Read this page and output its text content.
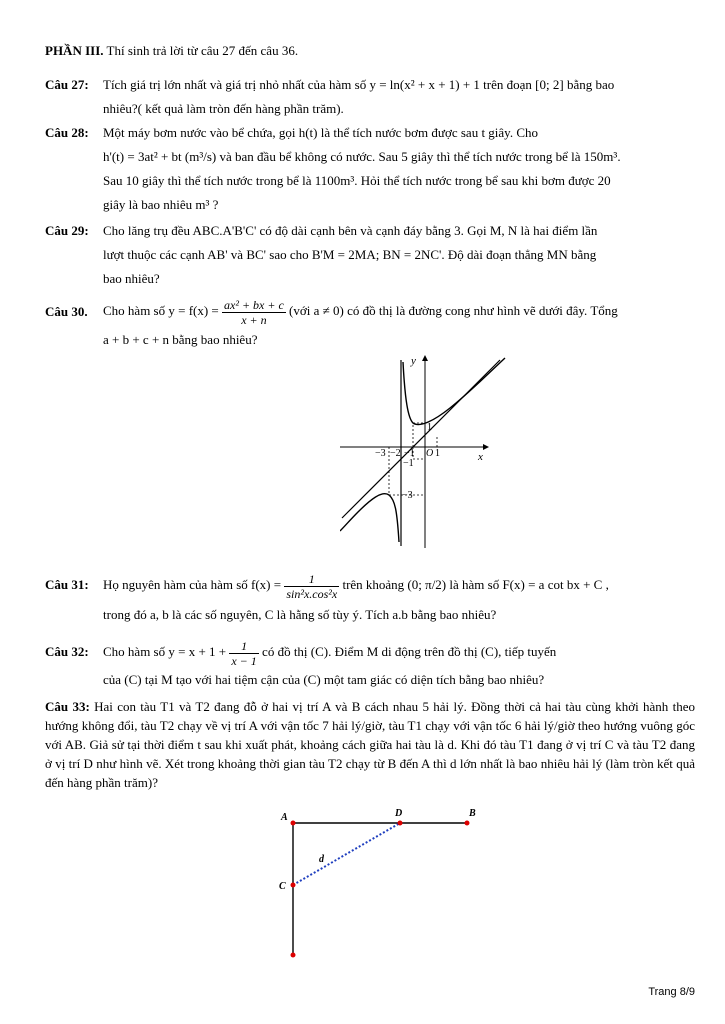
PHẦN III. Thí sinh trả lời từ câu 27 đến câu 36.
Câu 27: Tích giá trị lớn nhất và giá trị nhỏ nhất của hàm số y = ln(x² + x + 1) + 1 trên đoạn [0; 2] bằng bao

nhiêu?( kết quả làm tròn đến hàng phần trăm).

Câu 28: Một máy bơm nước vào bể chứa, gọi h(t) là thể tích nước bơm được sau t giây. Cho

h'(t) = 3at² + bt (m³/s) và ban đầu bể không có nước. Sau 5 giây thì thể tích nước trong bể là 150m³.

Sau 10 giây thì thể tích nước trong bể là 1100m³. Hỏi thể tích nước trong bể sau khi bơm được 20

giây là bao nhiêu m³ ?

Câu 29: Cho lăng trụ đều ABC.A'B'C' có độ dài cạnh bên và cạnh đáy bằng 3. Gọi M, N là hai điểm lần

lượt thuộc các cạnh AB' và BC' sao cho B'M = 2MA; BN = 2NC'. Độ dài đoạn thẳng MN bằng

bao nhiêu?

Câu 30. Cho hàm số $y = f(x) = \frac{\text{ax² + bx + c}}{x + n}$ (với a ≠ 0) có đồ thị là đường cong như hình vẽ dưới đây. Tổng

a + b + c + n bằng bao nhiêu?

y
x
O
−3 −2 −1 1
1
−1
−3
Câu 31: Họ nguyên hàm của hàm số $f(x) = \frac{1}{\text{sin²x.cos²x}}$ trên khoảng (0; π/2) là hàm số F(x) = a cot bx + C ,

trong đó a, b là các số nguyên, C là hằng số tùy ý. Tích a.b bằng bao nhiêu?

Câu 32: Cho hàm số $y = x + 1 + \frac{1}{x - 1}$ có đồ thị (C). Điểm M di động trên đồ thị (C), tiếp tuyến

của (C) tại M tạo với hai tiệm cận của (C) một tam giác có diện tích bằng bao nhiêu?

Câu 33: Hai con tàu T1 và T2 đang đỗ ở hai vị trí A và B cách nhau 5 hải lý. Đồng thời cả hai tàu cùng khởi hành theo hướng không đổi, tàu T2 chạy về vị trí A với vận tốc 7 hải lý/giờ, tàu T1 chạy với vận tốc 6 hải lý/giờ theo hướng vuông góc với AB. Giả sử tại thời điểm t sau khi xuất phát, khoảng cách giữa hai tàu là d. Khi đó tàu T1 đang ở vị trí C và tàu T2 đang ở vị trí D như hình vẽ. Xét trong khoảng thời gian tàu T2 chạy từ B đến A thì d lớn nhất là bao nhiêu hải lý (làm tròn kết quả đến hàng phần trăm)?
A	D	B
C
d
Trang 8/9
